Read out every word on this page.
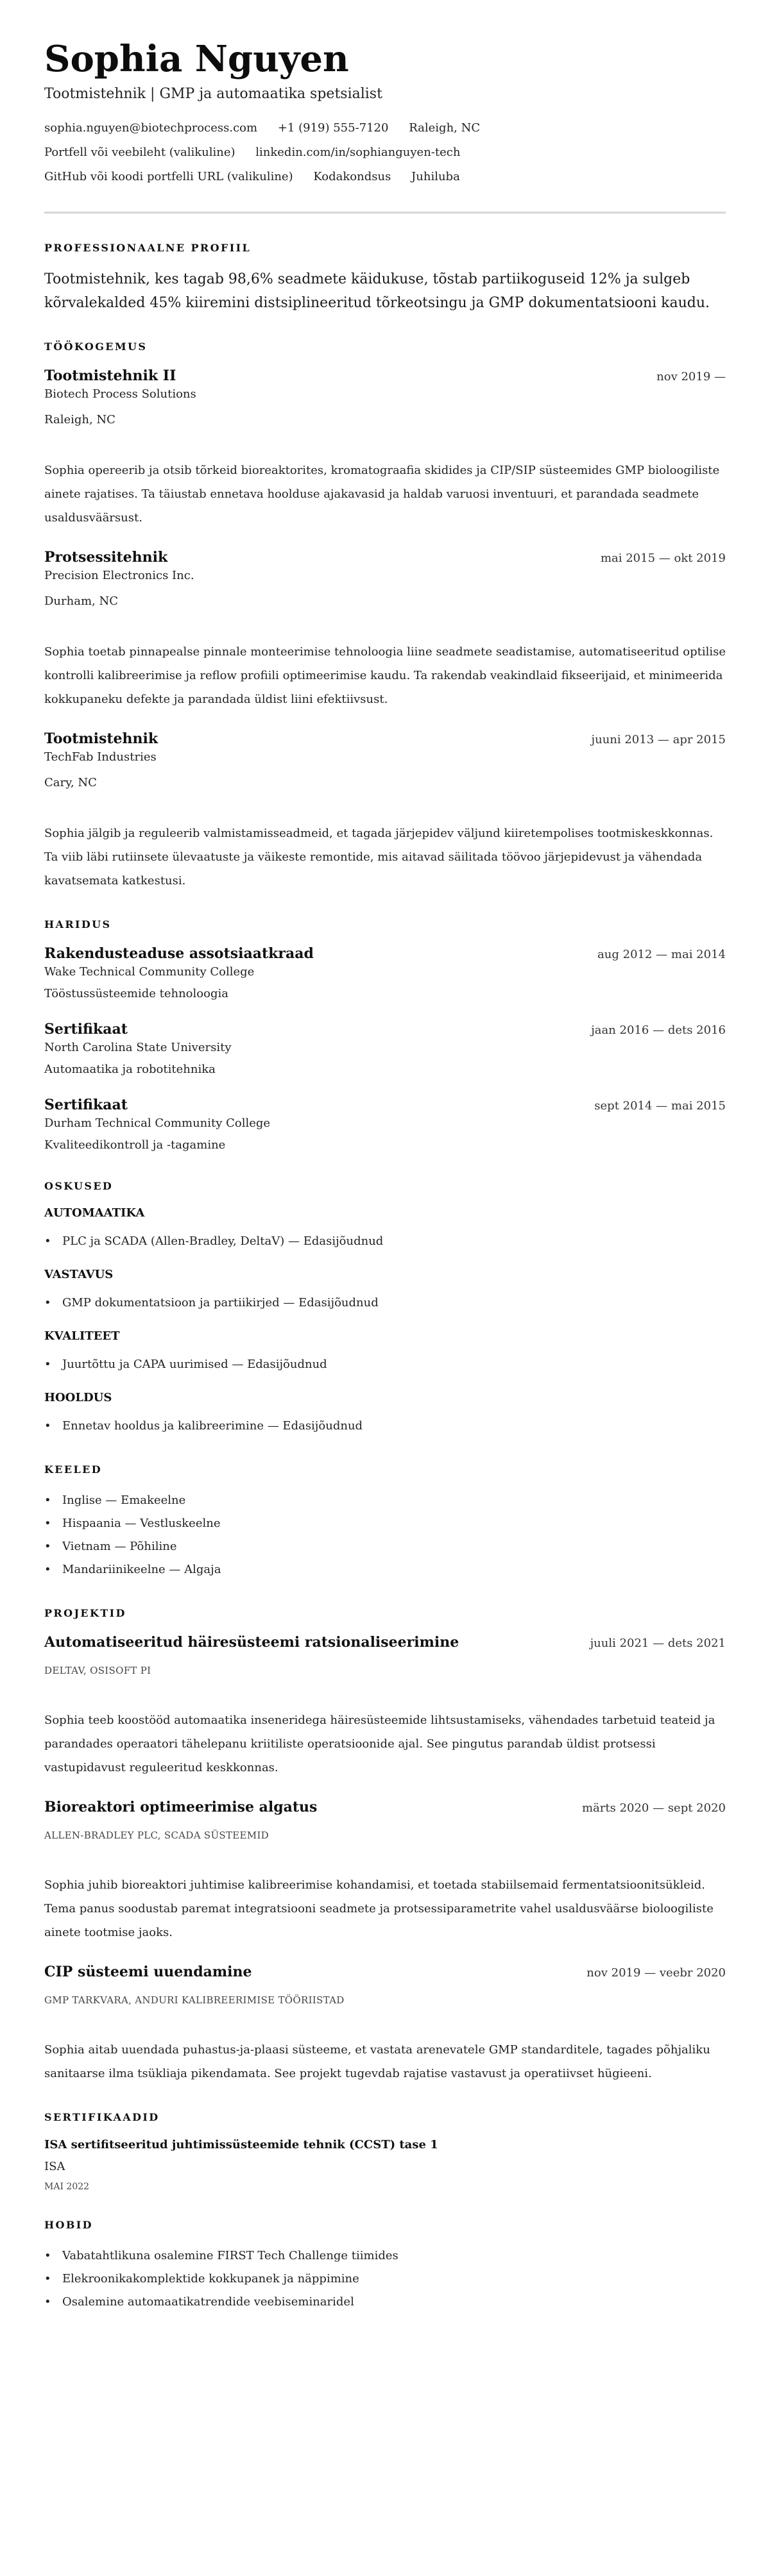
Sophia Nguyen
Tootmistehnik | GMP ja automaatika spetsialist
sophia.nguyen@biotechprocess.com +1 (919) 555-7120 Raleigh, NC
Portfell või veebileht (valikuline) linkedin.com/in/sophianguyen-tech
GitHub või koodi portfelli URL (valikuline) Kodakondsus Juhiluba
PROFESSIONAALNE PROFIIL

Tootmistehnik, kes tagab 98,6% seadmete käidukuse, tõstab partiikoguseid 12% ja sulgeb kõrvalekalded 45% kiiremini distsiplineeritud tõrkeotsingu ja GMP dokumentatsiooni kaudu.

TÖÖKOGEMUS
Tootmistehnik II	nov 2019 —
Biotech Process Solutions
Raleigh, NC

Sophia opereerib ja otsib tõrkeid bioreaktorites, kromatograafia skidides ja CIP/SIP süsteemides GMP bioloogiliste ainete rajatises. Ta täiustab ennetava hoolduse ajakavasid ja haldab varuosi inventuuri, et parandada seadmete usaldusväärsust.

Protsessitehnik	mai 2015 — okt 2019
Precision Electronics Inc.
Durham, NC

Sophia toetab pinnapealse pinnale monteerimise tehnoloogia liine seadmete seadistamise, automatiseeritud optilise kontrolli kalibreerimise ja reflow profiili optimeerimise kaudu. Ta rakendab veakindlaid fikseerijaid, et minimeerida kokkupaneku defekte ja parandada üldist liini efektiivsust.

Tootmistehnik	juuni 2013 — apr 2015
TechFab Industries
Cary, NC

Sophia jälgib ja reguleerib valmistamisseadmeid, et tagada järjepidev väljund kiiretempolises tootmiskeskkonnas. Ta viib läbi rutiinsete ülevaatuste ja väikeste remontide, mis aitavad säilitada töövoo järjepidevust ja vähendada kavatsemata katkestusi.

HARIDUS
Rakendusteaduse assotsiaatkraad	aug 2012 — mai 2014
Wake Technical Community College
Tööstussüsteemide tehnoloogia
Sertifikaat	jaan 2016 — dets 2016
North Carolina State University
Automaatika ja robotitehnika
Sertifikaat	sept 2014 — mai 2015
Durham Technical Community College
Kvaliteedikontroll ja -tagamine
OSKUSED
AUTOMAATIKA
• PLC ja SCADA (Allen-Bradley, DeltaV) — Edasijõudnud
VASTAVUS
• GMP dokumentatsioon ja partiikirjed — Edasijõudnud
KVALITEET
• Juurtõttu ja CAPA uurimised — Edasijõudnud
HOOLDUS
• Ennetav hooldus ja kalibreerimine — Edasijõudnud
KEELED
• Inglise — Emakeelne
• Hispaania — Vestluskeelne
• Vietnam — Põhiline
• Mandariinikeelne — Algaja
PROJEKTID
Automatiseeritud häiresüsteemi ratsionaliseerimine	juuli 2021 — dets 2021
DELTAV, OSISOFT PI

Sophia teeb koostööd automaatika inseneridega häiresüsteemide lihtsustamiseks, vähendades tarbetuid teateid ja parandades operaatori tähelepanu kriitiliste operatsioonide ajal. See pingutus parandab üldist protsessi vastupidavust reguleeritud keskkonnas.

Bioreaktori optimeerimise algatus	märts 2020 — sept 2020
ALLEN-BRADLEY PLC, SCADA SÜSTEEMID

Sophia juhib bioreaktori juhtimise kalibreerimise kohandamisi, et toetada stabiilsemaid fermentatsioonitsükleid. Tema panus soodustab paremat integratsiooni seadmete ja protsessiparametrite vahel usaldusväärse bioloogiliste ainete tootmise jaoks.

CIP süsteemi uuendamine	nov 2019 — veebr 2020
GMP TARKVARA, ANDURI KALIBREERIMISE TÖÖRIISTAD

Sophia aitab uuendada puhastus-ja-plaasi süsteeme, et vastata arenevatele GMP standarditele, tagades põhjaliku sanitaarse ilma tsükliaja pikendamata. See projekt tugevdab rajatise vastavust ja operatiivset hügieeni.

SERTIFIKAADID
ISA sertifitseeritud juhtimissüsteemide tehnik (CCST) tase 1
ISA
MAI 2022
HOBID
• Vabatahtlikuna osalemine FIRST Tech Challenge tiimides
• Elekroonikakomplektide kokkupanek ja näppimine
• Osalemine automaatikatrendide veebiseminaridel
